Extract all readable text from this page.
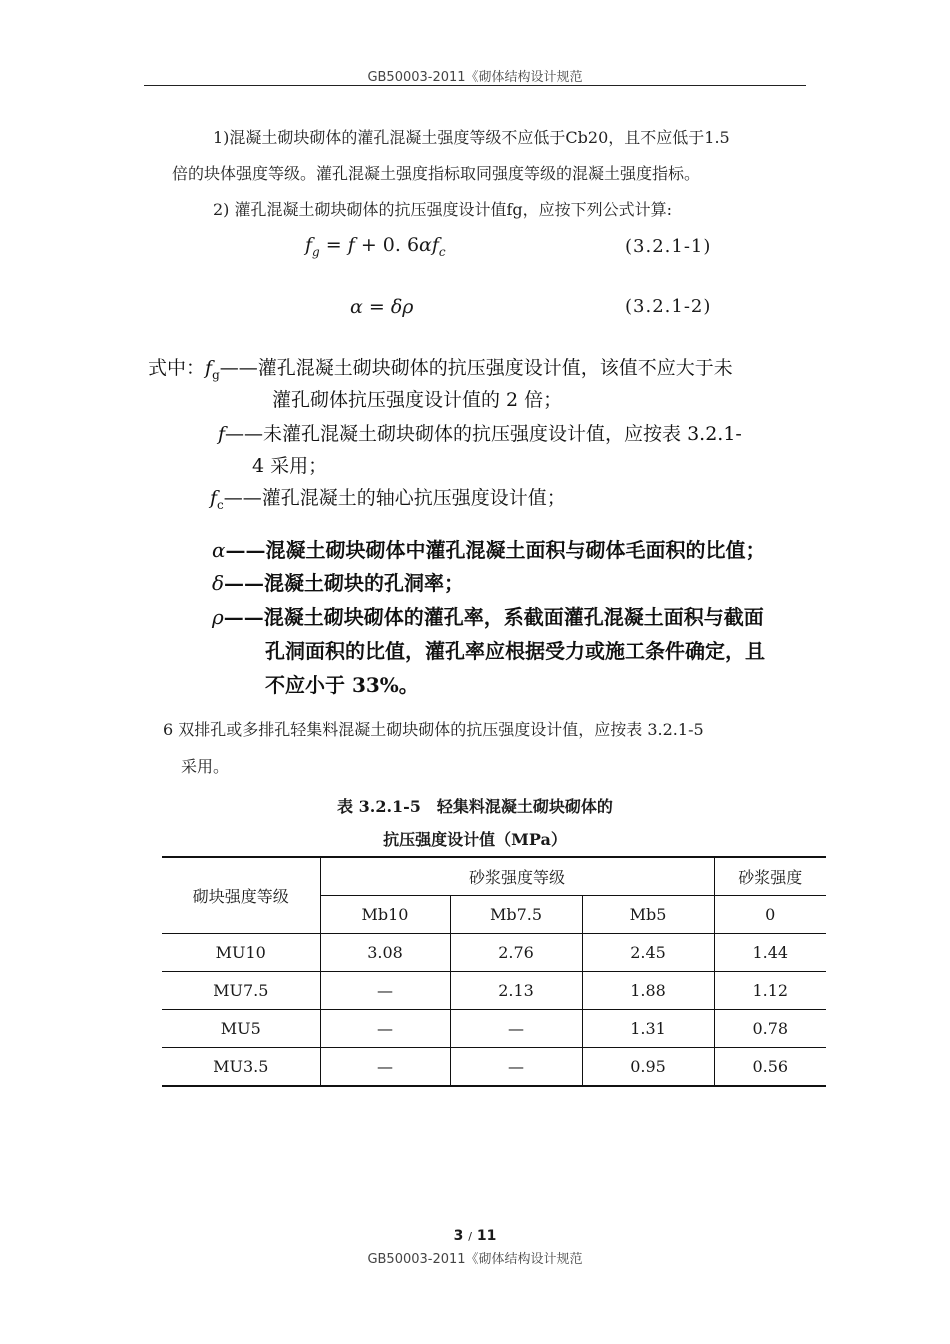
GB50003-2011《砌体结构设计规范
1)混凝土砌块砌体的灌孔混凝土强度等级不应低于Cb20，且不应低于1.5
倍的块体强度等级。灌孔混凝土强度指标取同强度等级的混凝土强度指标。
2) 灌孔混凝土砌块砌体的抗压强度设计值fg，应按下列公式计算:
$f_g = f + 0$. $6\alpha f_c$	(3.2.1-1)
α = δρ	(3.2.1-2)
式中：$f_g——$灌孔混凝土砌块砌体的抗压强度设计值，该值不应大于未
灌孔砌体抗压强度设计值的 2 倍；
f——未灌孔混凝土砌块砌体的抗压强度设计值，应按表 3.2.1-
4 采用；
$f_c——$灌孔混凝土的轴心抗压强度设计值；
α——混凝土砌块砌体中灌孔混凝土面积与砌体毛面积的比值；
δ——混凝土砌块的孔洞率；
ρ——混凝土砌块砌体的灌孔率，系截面灌孔混凝土面积与截面
孔洞面积的比值，灌孔率应根据受力或施工条件确定，且
不应小于 33%。
6 双排孔或多排孔轻集料混凝土砌块砌体的抗压强度设计值，应按表 3.2.1-5
采用。
表 3.2.1-5　轻集料混凝土砌块砌体的
抗压强度设计值（MPa）
砌块强度等级	砂浆强度等级			砂浆强度
	Mb10	Mb7.5	Mb5	0
MU10	3.08	2.76	2.45	1.44
MU7.5	—	2.13	1.88	1.12
MU5	—	—	1.31	0.78
MU3.5	—	—	0.95	0.56
3 / 11
GB50003-2011《砌体结构设计规范
